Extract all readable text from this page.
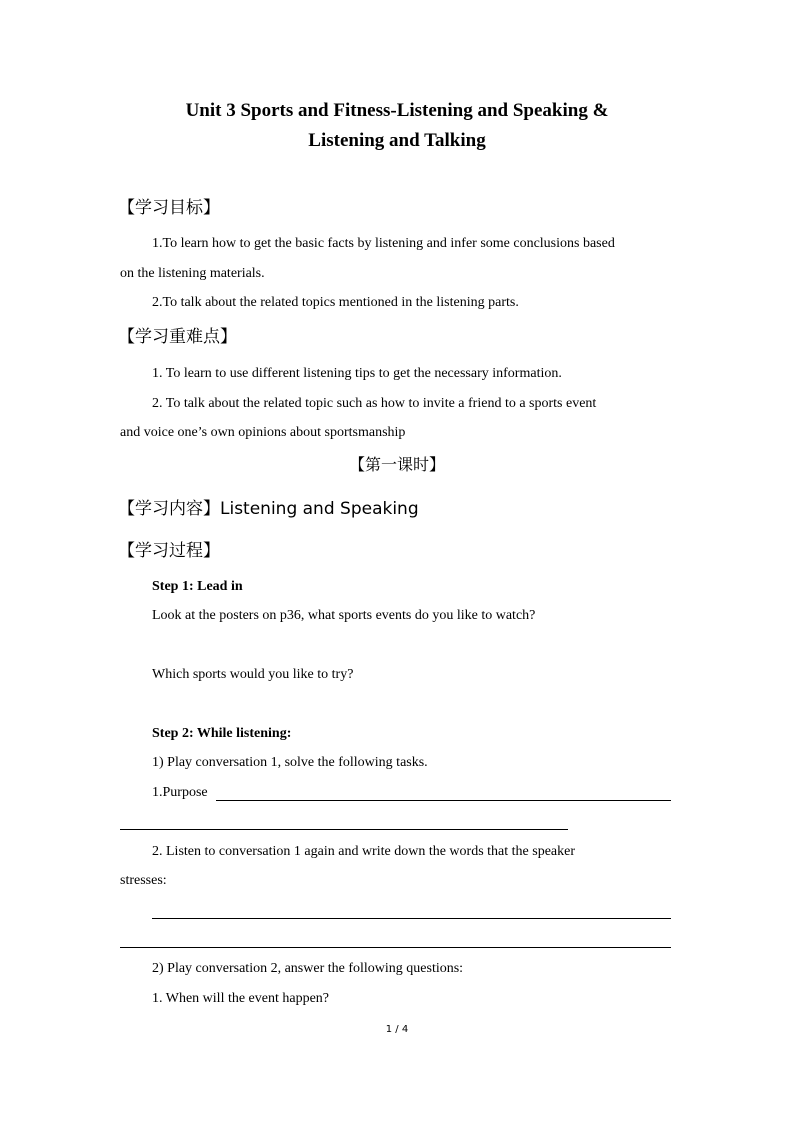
Unit 3 Sports and Fitness-Listening and Speaking &
Listening and Talking
【学习目标】
1.To learn how to get the basic facts by listening and infer some conclusions based
on the listening materials.
2.To talk about the related topics mentioned in the listening parts.
【学习重难点】
1. To learn to use different listening tips to get the necessary information.
2. To talk about the related topic such as how to invite a friend to a sports event
and voice one’s own opinions about sportsmanship
【第一课时】
【学习内容】Listening and Speaking
【学习过程】
Step 1: Lead in
Look at the posters on p36, what sports events do you like to watch?
Which sports would you like to try?
Step 2: While listening:
1) Play conversation 1, solve the following tasks.
1.Purpose
2. Listen to conversation 1 again and write down the words that the speaker
stresses:
2) Play conversation 2, answer the following questions:
1. When will the event happen?
1 / 4
